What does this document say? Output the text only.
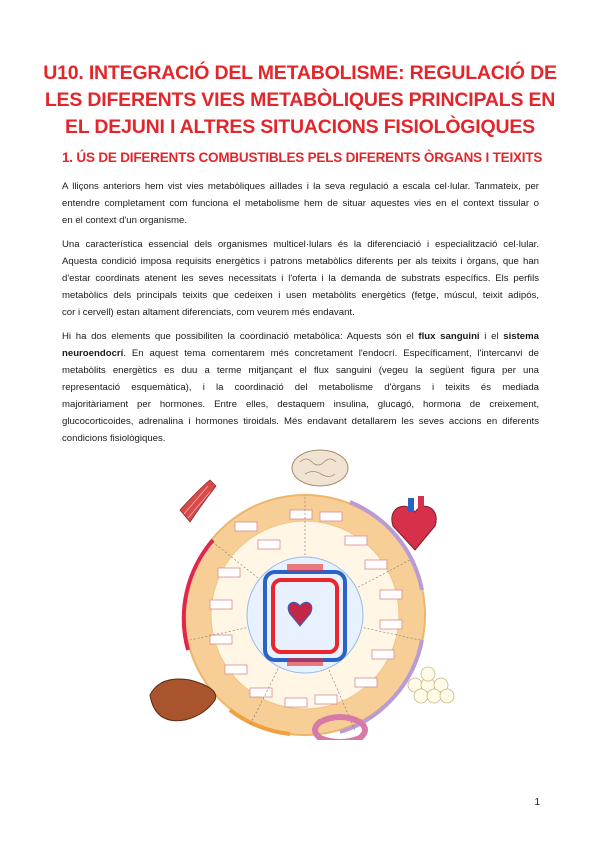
U10. INTEGRACIÓ DEL METABOLISME: REGULACIÓ DE
LES DIFERENTS VIES METABÒLIQUES PRINCIPALS EN
EL DEJUNI I ALTRES SITUACIONS FISIOLÒGIQUES
1. ÚS DE DIFERENTS COMBUSTIBLES PELS DIFERENTS ÒRGANS I TEIXITS

A lliçons anteriors hem vist vies metabòliques aïllades i la seva regulació a escala cel·lular. Tanmateix, per
entendre completament com funciona el metabolisme hem de situar aquestes vies en el context tissular o
en el context d'un organisme.

Una característica essencial dels organismes multicel·lulars és la diferenciació i especialització cel·lular.
Aquesta condició imposa requisits energètics i patrons metabòlics diferents per als teixits i òrgans, que han
d'estar coordinats atenent les seves necessitats i l'oferta i la demanda de substrats específics. Els perfils
metabòlics dels principals teixits que cedeixen i usen metabòlits energètics (fetge, múscul, teixit adipós,
cor i cervell) estan altament diferenciats, com veurem més endavant.

Hi ha dos elements que possibiliten la coordinació metabòlica: Aquests són el flux sanguini i el sistema
neuroendocrí. En aquest tema comentarem més concretament l'endocrí. Específicament, l'intercanvi de
metabòlits energètics es duu a terme mitjançant el flux sanguini (vegeu la següent figura per una
representació esquemàtica), i la coordinació del metabolisme d'òrgans i teixits és mediada
majoritàriament per hormones. Entre elles, destaquem insulina, glucagó, hormona de creixement,
glucocorticoides, adrenalina i hormones tiroidals. Més endavant detallarem les seves accions en diferents
condicions fisiològiques.

1
